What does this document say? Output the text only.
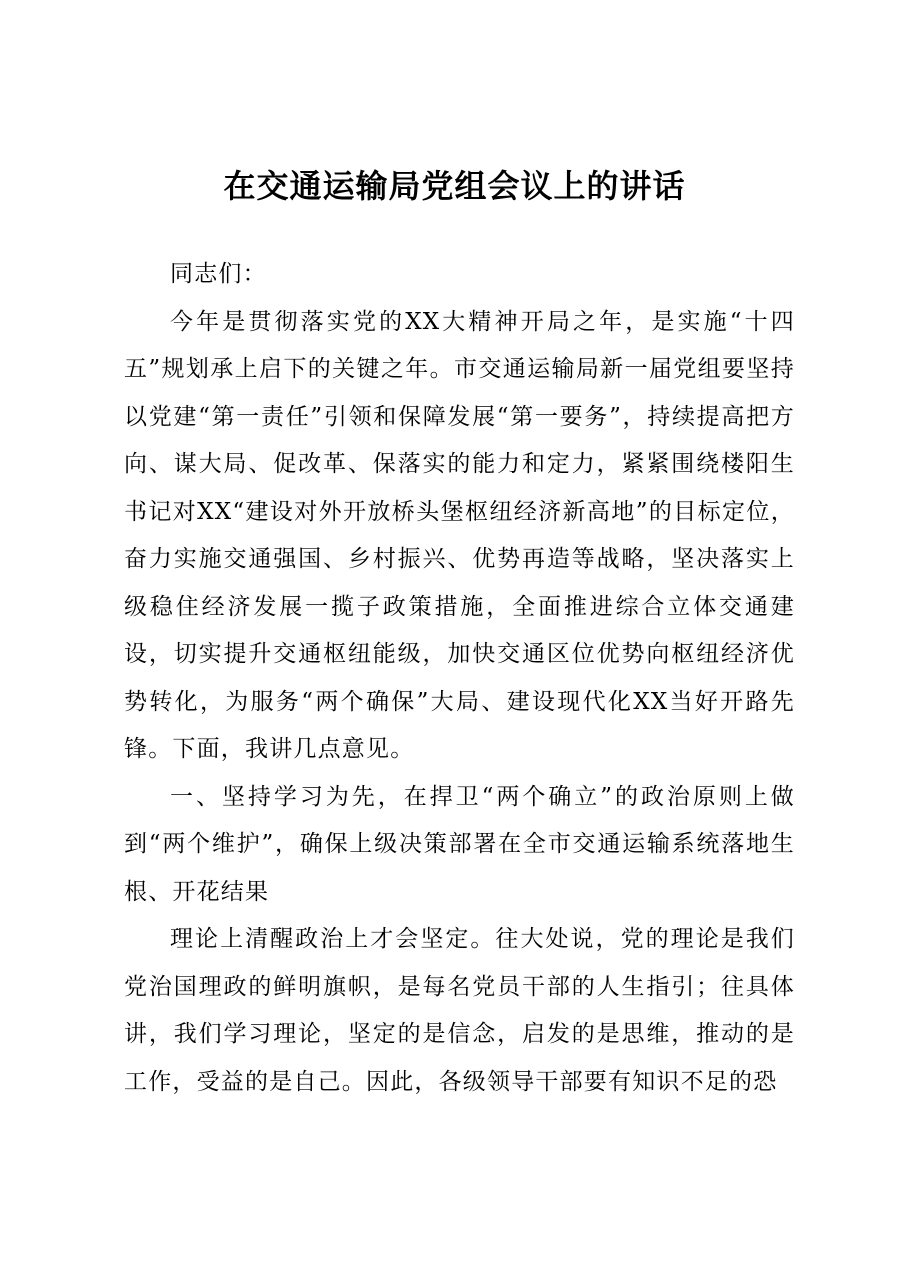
在交通运输局党组会议上的讲话

同志们：

今年是贯彻落实党的XX大精神开局之年，是实施“十四五”规划承上启下的关键之年。市交通运输局新一届党组要坚持以党建“第一责任”引领和保障发展“第一要务”，持续提高把方向、谋大局、促改革、保落实的能力和定力，紧紧围绕楼阳生书记对XX“建设对外开放桥头堡枢纽经济新高地”的目标定位，奋力实施交通强国、乡村振兴、优势再造等战略，坚决落实上级稳住经济发展一揽子政策措施，全面推进综合立体交通建设，切实提升交通枢纽能级，加快交通区位优势向枢纽经济优势转化，为服务“两个确保”大局、建设现代化XX当好开路先锋。下面，我讲几点意见。

一、坚持学习为先，在捍卫“两个确立”的政治原则上做到“两个维护”，确保上级决策部署在全市交通运输系统落地生根、开花结果

理论上清醒政治上才会坚定。往大处说，党的理论是我们党治国理政的鲜明旗帜，是每名党员干部的人生指引；往具体讲，我们学习理论，坚定的是信念，启发的是思维，推动的是工作，受益的是自己。因此，各级领导干部要有知识不足的恐
